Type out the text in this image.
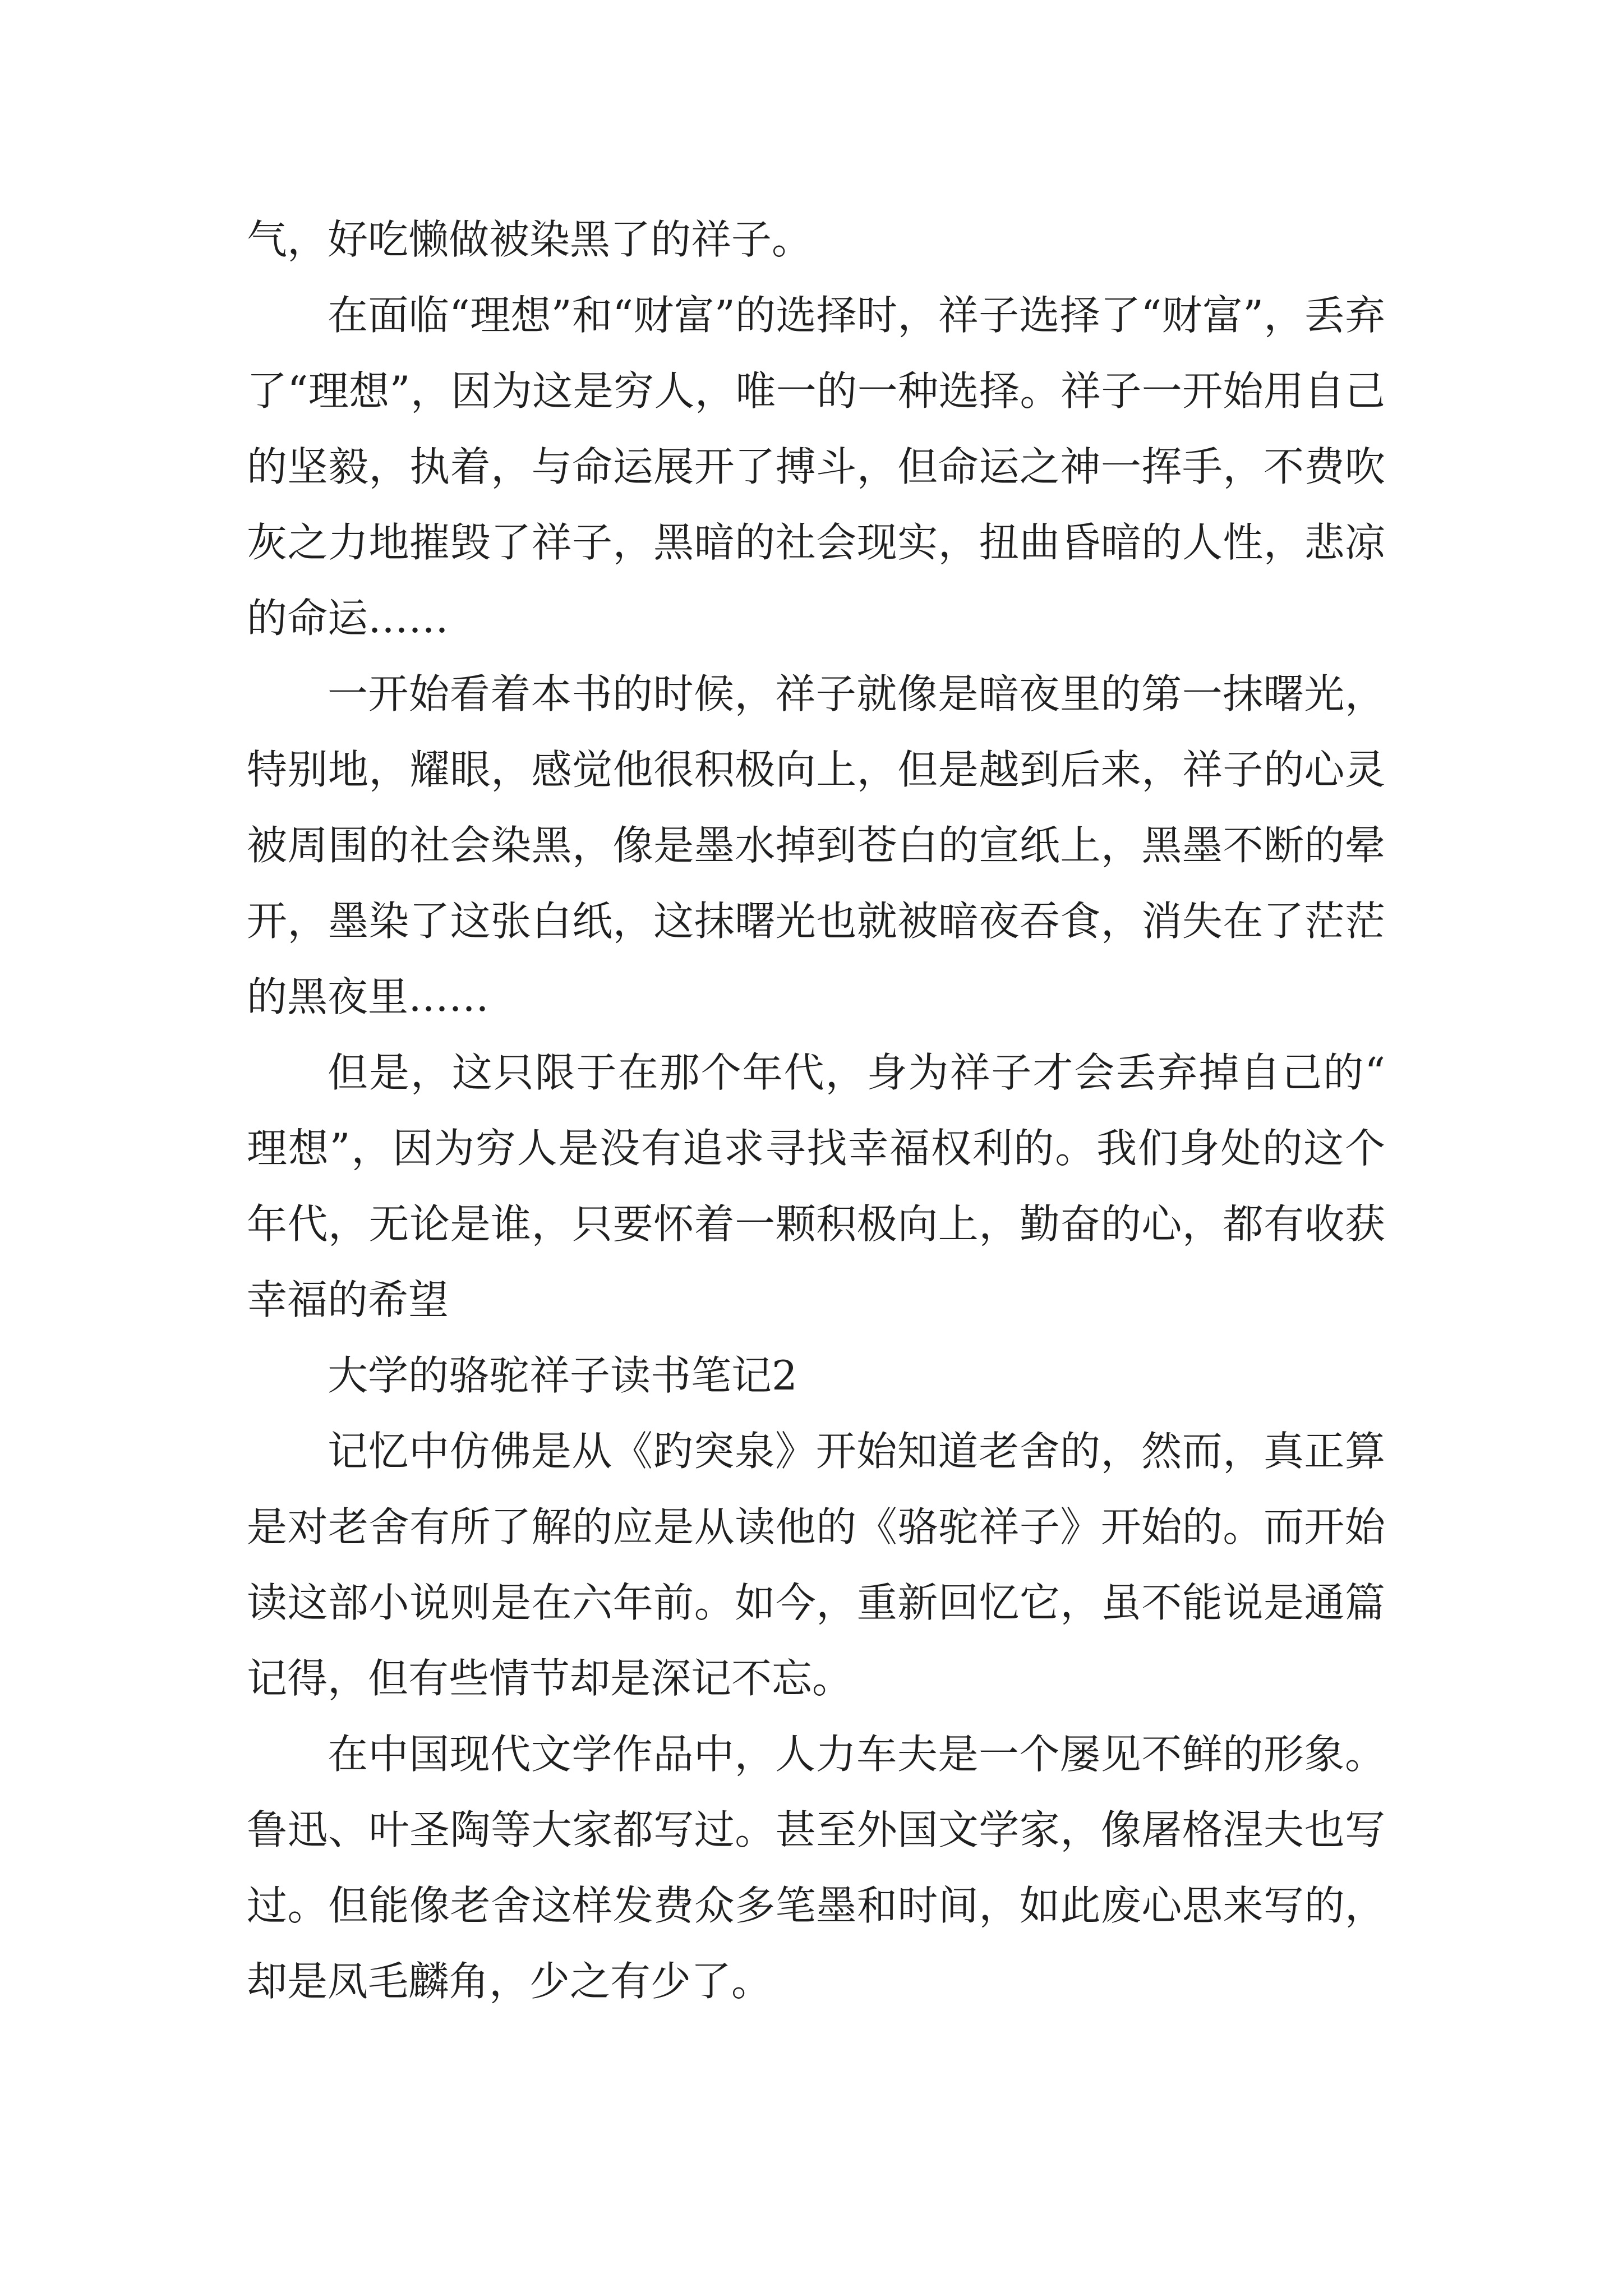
气，好吃懒做被染黑了的祥子。

在面临“理想”和“财富”的选择时，祥子选择了“财富”，丢弃了“理想”，因为这是穷人，唯一的一种选择。祥子一开始用自己的坚毅，执着，与命运展开了搏斗，但命运之神一挥手，不费吹灰之力地摧毁了祥子，黑暗的社会现实，扭曲昏暗的人性，悲凉的命运……

一开始看着本书的时候，祥子就像是暗夜里的第一抹曙光，特别地，耀眼，感觉他很积极向上，但是越到后来，祥子的心灵被周围的社会染黑，像是墨水掉到苍白的宣纸上，黑墨不断的晕开，墨染了这张白纸，这抹曙光也就被暗夜吞食，消失在了茫茫的黑夜里……

但是，这只限于在那个年代，身为祥子才会丢弃掉自己的“理想”，因为穷人是没有追求寻找幸福权利的。我们身处的这个年代，无论是谁，只要怀着一颗积极向上，勤奋的心，都有收获幸福的希望

大学的骆驼祥子读书笔记2

记忆中仿佛是从《趵突泉》开始知道老舍的，然而，真正算是对老舍有所了解的应是从读他的《骆驼祥子》开始的。而开始读这部小说则是在六年前。如今，重新回忆它，虽不能说是通篇记得，但有些情节却是深记不忘。

在中国现代文学作品中，人力车夫是一个屡见不鲜的形象。鲁迅、叶圣陶等大家都写过。甚至外国文学家，像屠格涅夫也写过。但能像老舍这样发费众多笔墨和时间，如此废心思来写的，却是凤毛麟角，少之有少了。
